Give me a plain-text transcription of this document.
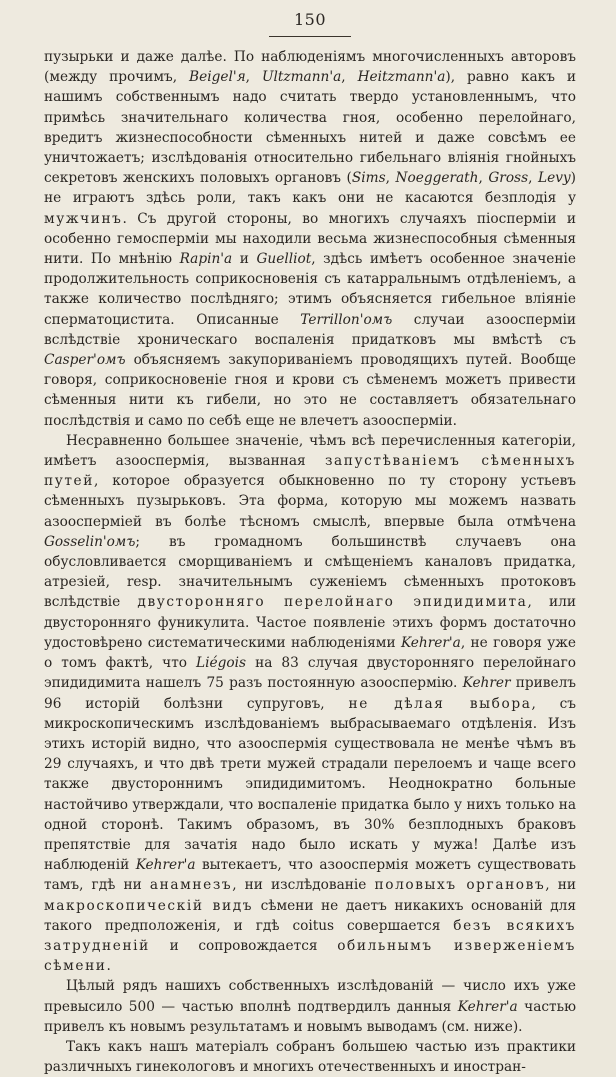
150

пузырьки и даже далѣе. По наблюденіямъ многочисленныхъ авторовъ (между прочимъ, Beigel'я, Ultzmann'а, Heitzmann'а), равно какъ и нашимъ собственнымъ надо считать твердо установленнымъ, что примѣсь значительнаго количества гноя, особенно перелойнаго, вредитъ жизнеспособности сѣменныхъ нитей и даже совсѣмъ ее уничтожаетъ; изслѣдованія относительно гибельнаго вліянія гнойныхъ секретовъ женскихъ половыхъ органовъ (Sims, Noeggerath, Gross, Levy) не играютъ здѣсь роли, такъ какъ они не касаются безплодія у мужчинъ. Съ другой стороны, во многихъ случаяхъ піоспермiи и особенно гемоспермiи мы находили весьма жизнеспособныя сѣменныя нити. По мнѣнію Rapin'а и Guelliot, здѣсь имѣетъ особенное значеніе продолжительность соприкосновенія съ катарральнымъ отдѣленіемъ, а также количество послѣдняго; этимъ объясняется гибельное вліяніе сперматоцистита. Описанные Terrillon'омъ случаи азооспермiи вслѣдствіе хроническаго воспаленія придатковъ мы вмѣстѣ съ Casper'омъ объясняемъ закупориваніемъ проводящихъ путей. Вообще говоря, соприкосновеніе гноя и крови съ сѣменемъ можетъ привести сѣменныя нити къ гибели, но это не составляетъ обязательнаго послѣдствія и само по себѣ еще не влечетъ азооспермiи.

Несравненно большее значеніе, чѣмъ всѣ перечисленныя категоріи, имѣетъ азооспермія, вызванная запустѣваніемъ сѣменныхъ путей, которое образуется обыкновенно по ту сторону устьевъ сѣменныхъ пузырьковъ. Эта форма, которую мы можемъ назвать азооспермiей въ болѣе тѣсномъ смыслѣ, впервые была отмѣчена Gosselin'омъ; въ громадномъ большинствѣ случаевъ она обусловливается сморщиваніемъ и смѣщеніемъ каналовъ придатка, атрезiей, resp. значительнымъ суженіемъ сѣменныхъ протоковъ вслѣдствіе двусторонняго перелойнаго эпидидимита, или двусторонняго фуникулита. Частое появленіе этихъ формъ достаточно удостовѣрено систематическими наблюденіями Kehrer'а, не говоря уже о томъ фактѣ, что Liégois на 83 случая двусторонняго перелойнаго эпидидимита нашелъ 75 разъ постоянную азооспермію. Kehrer привелъ 96 исторiй болѣзни супруговъ, не дѣлая выбора, съ микроскопическимъ изслѣдованіемъ выбрасываемаго отдѣленія. Изъ этихъ исторiй видно, что азооспермія существовала не менѣе чѣмъ въ 29 случаяхъ, и что двѣ трети мужей страдали перелоемъ и чаще всего также двустороннимъ эпидидимитомъ. Неоднократно больные настойчиво утверждали, что воспаленіе придатка было у нихъ только на одной сторонѣ. Такимъ образомъ, въ 30% безплодныхъ браковъ препятствіе для зачатія надо было искать у мужа! Далѣе изъ наблюденій Kehrer'а вытекаетъ, что азооспермія можетъ существовать тамъ, гдѣ ни анамнезъ, ни изслѣдованіе половыхъ органовъ, ни макроскопическій видъ сѣмени не даетъ никакихъ основаній для такого предположенія, и гдѣ coitus совершается безъ всякихъ затрудненій и сопровождается обильнымъ изверженіемъ сѣмени.

Цѣлый рядъ нашихъ собственныхъ изслѣдованій — число ихъ уже превысило 500 — частью вполнѣ подтвердилъ данныя Kehrer'а частью привелъ къ новымъ результатамъ и новымъ выводамъ (см. ниже).

Такъ какъ нашъ матеріалъ собранъ большею частью изъ практики различныхъ гинекологовъ и многихъ отечественныхъ и иностран-
